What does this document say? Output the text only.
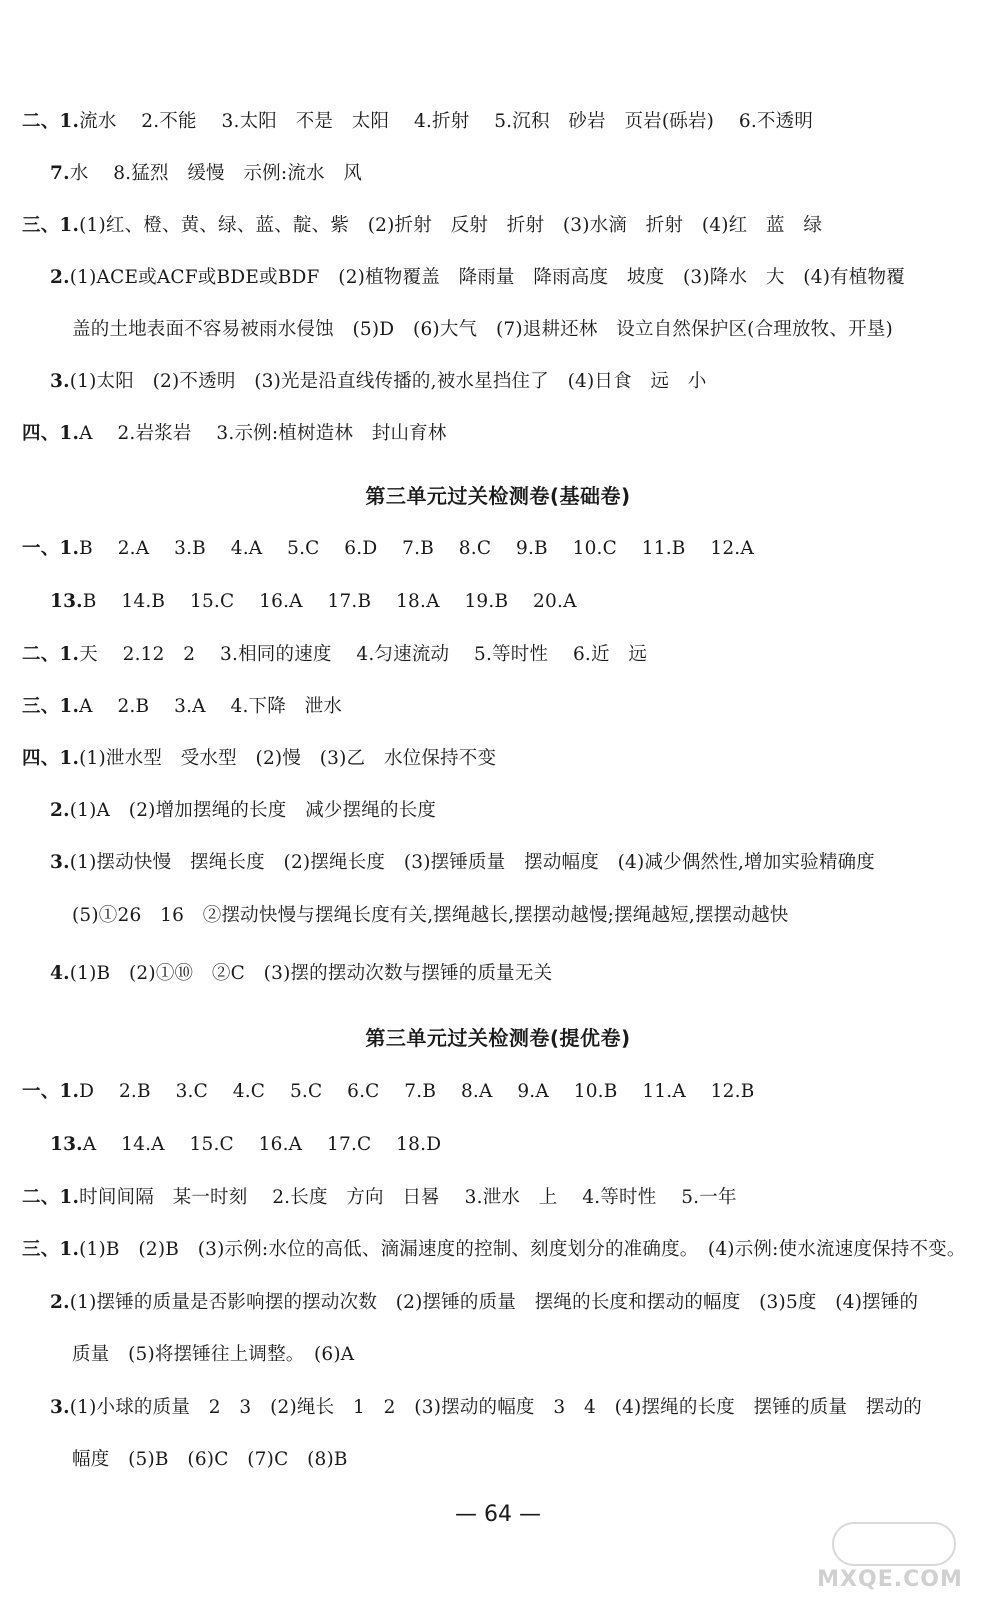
二、1.流水　 2.不能　 3.太阳　不是　太阳　 4.折射　 5.沉积　砂岩　页岩(砾岩)　 6.不透明
7.水　 8.猛烈　缓慢　示例:流水　风
三、1.(1)红、橙、黄、绿、蓝、靛、紫　(2)折射　反射　折射　(3)水滴　折射　(4)红　蓝　绿
2.(1)ACE或ACF或BDE或BDF　(2)植物覆盖　降雨量　降雨高度　坡度　(3)降水　大　(4)有植物覆
盖的土地表面不容易被雨水侵蚀　(5)D　(6)大气　(7)退耕还林　设立自然保护区(合理放牧、开垦)
3.(1)太阳　(2)不透明　(3)光是沿直线传播的,被水星挡住了　(4)日食　远　小
四、1.A　 2.岩浆岩　 3.示例:植树造林　封山育林
第三单元过关检测卷(基础卷)
一、1.B　 2.A　 3.B　 4.A　 5.C　 6.D　 7.B　 8.C　 9.B　 10.C　 11.B　 12.A
13.B　 14.B　 15.C　 16.A　 17.B　 18.A　 19.B　 20.A
二、1.天　 2.12　2　 3.相同的速度　 4.匀速流动　 5.等时性　 6.近　远
三、1.A　 2.B　 3.A　 4.下降　泄水
四、1.(1)泄水型　受水型　(2)慢　(3)乙　水位保持不变
2.(1)A　(2)增加摆绳的长度　减少摆绳的长度
3.(1)摆动快慢　摆绳长度　(2)摆绳长度　(3)摆锤质量　摆动幅度　(4)减少偶然性,增加实验精确度
(5)①26　16　②摆动快慢与摆绳长度有关,摆绳越长,摆摆动越慢;摆绳越短,摆摆动越快
4.(1)B　(2)①⑩　②C　(3)摆的摆动次数与摆锤的质量无关
第三单元过关检测卷(提优卷)
一、1.D　 2.B　 3.C　 4.C　 5.C　 6.C　 7.B　 8.A　 9.A　 10.B　 11.A　 12.B
13.A　 14.A　 15.C　 16.A　 17.C　 18.D
二、1.时间间隔　某一时刻　 2.长度　方向　日晷　 3.泄水　上　 4.等时性　 5.一年
三、1.(1)B　(2)B　(3)示例:水位的高低、滴漏速度的控制、刻度划分的准确度。　(4)示例:使水流速度保持不变。
2.(1)摆锤的质量是否影响摆的摆动次数　(2)摆锤的质量　摆绳的长度和摆动的幅度　(3)5度　(4)摆锤的
质量　(5)将摆锤往上调整。　(6)A
3.(1)小球的质量　2　3　(2)绳长　1　2　(3)摆动的幅度　3　4　(4)摆绳的长度　摆锤的质量　摆动的
幅度　(5)B　(6)C　(7)C　(8)B
— 64 —
MXQE.COM
